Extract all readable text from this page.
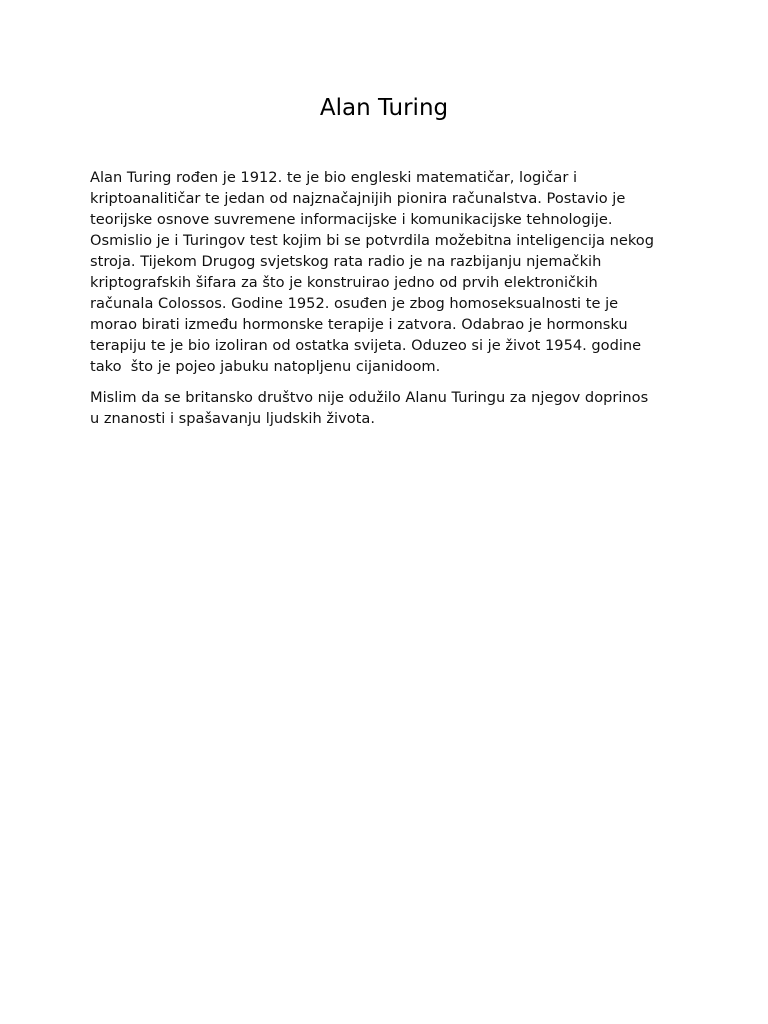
Alan Turing

Alan Turing rođen je 1912. te je bio engleski matematičar, logičar i
kriptoanalitičar te jedan od najznačajnijih pionira računalstva. Postavio je
teorijske osnove suvremene informacijske i komunikacijske tehnologije.
Osmislio je i Turingov test kojim bi se potvrdila možebitna inteligencija nekog
stroja. Tijekom Drugog svjetskog rata radio je na razbijanju njemačkih
kriptografskih šifara za što je konstruirao jedno od prvih elektroničkih
računala Colossos. Godine 1952. osuđen je zbog homoseksualnosti te je
morao birati između hormonske terapije i zatvora. Odabrao je hormonsku
terapiju te je bio izoliran od ostatka svijeta. Oduzeo si je život 1954. godine
tako  što je pojeo jabuku natopljenu cijanidoom.

Mislim da se britansko društvo nije odužilo Alanu Turingu za njegov doprinos
u znanosti i spašavanju ljudskih života.
